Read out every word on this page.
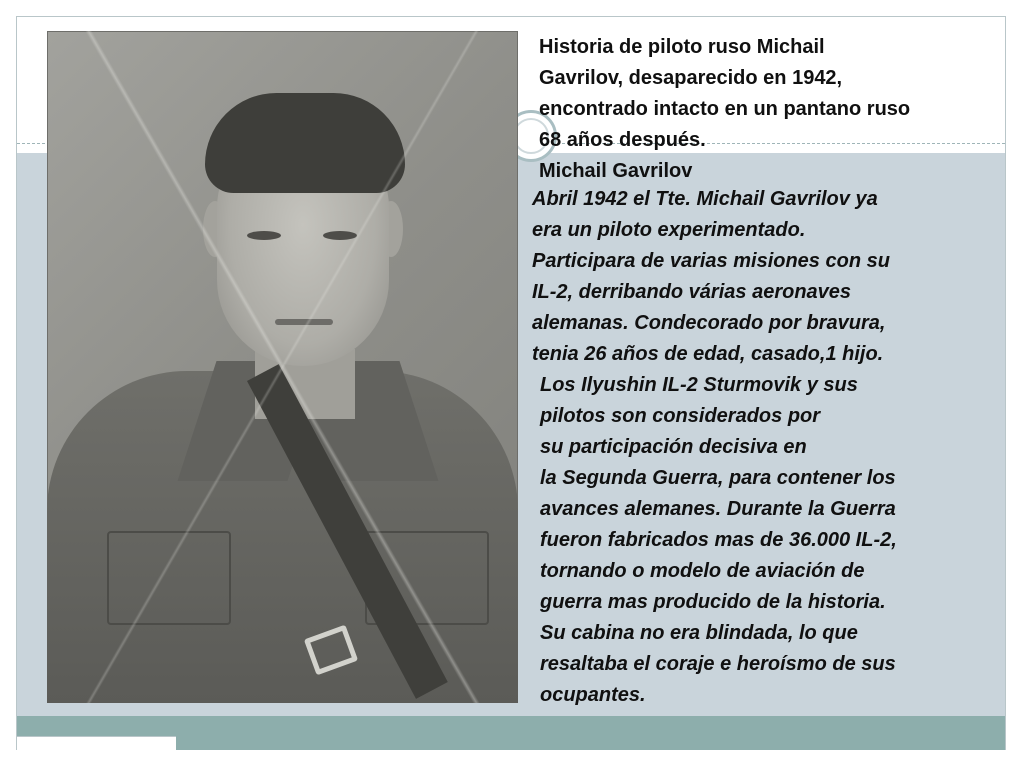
Historia de piloto ruso Michail
Gavrilov, desaparecido en 1942,
encontrado intacto en un pantano ruso
68 años después.
Michail Gavrilov
Abril 1942 el Tte. Michail Gavrilov ya
era un piloto experimentado.
Participara de varias misiones con su
IL-2, derribando várias aeronaves
alemanas. Condecorado por bravura,
tenia 26 años de edad, casado,1 hijo.
Los Ilyushin IL-2 Sturmovik y sus
pilotos son considerados por
su participación decisiva en
la Segunda Guerra, para contener los
avances alemanes. Durante la Guerra
fueron fabricados mas de 36.000 IL-2,
tornando o modelo de aviación de
guerra mas producido de la historia.
Su cabina no era blindada, lo que
resaltaba el coraje e heroísmo de sus
ocupantes.
